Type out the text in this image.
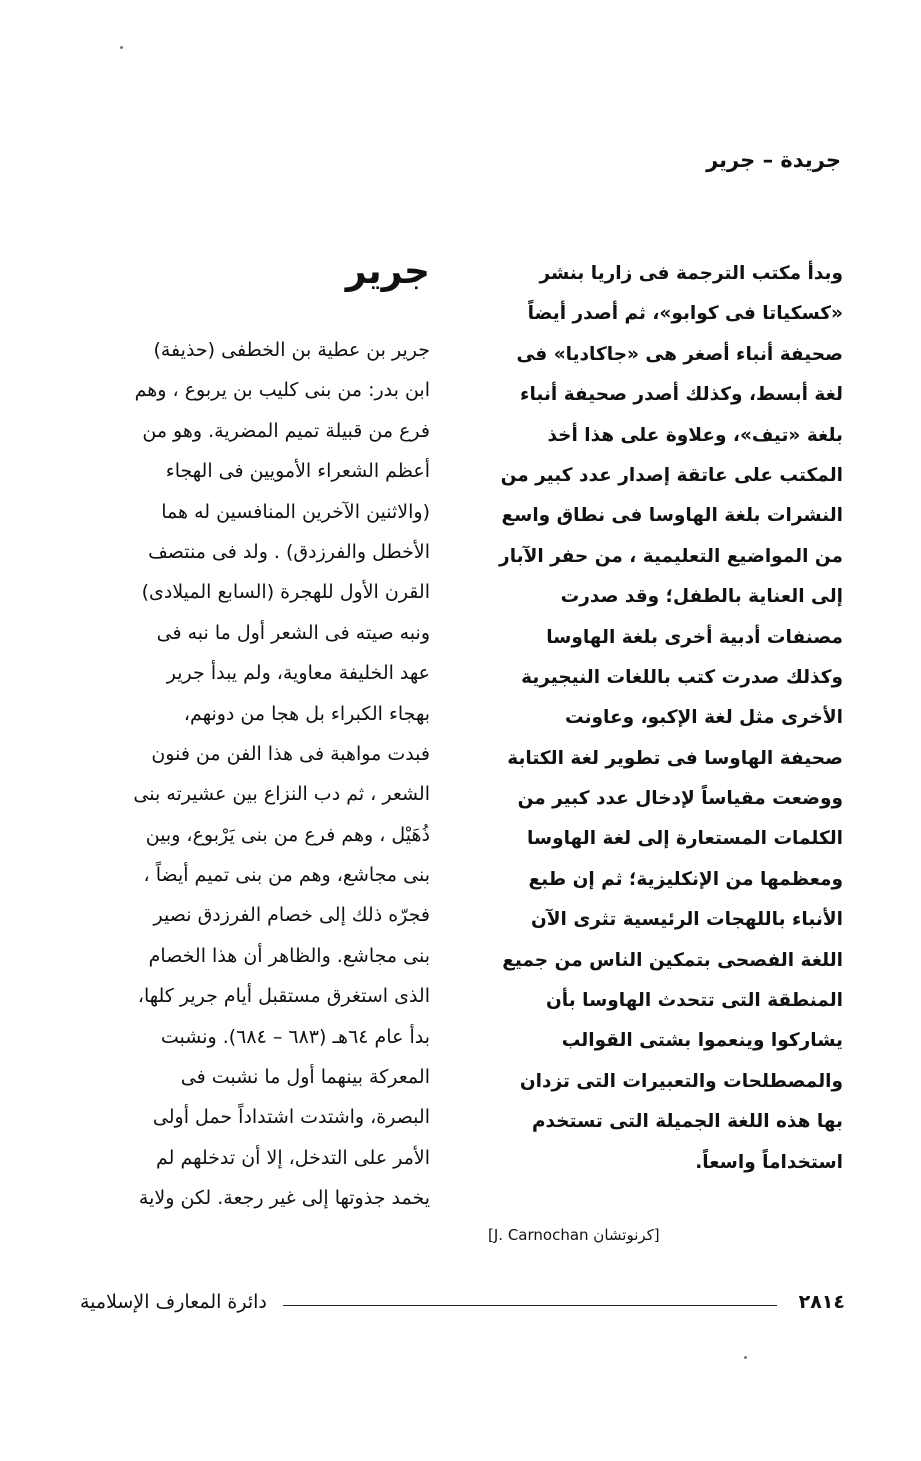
جريدة – جرير
وبدأ مكتب الترجمة فى زاريا بنشر
«كسكياتا فى كوابو»، ثم أصدر أيضاً
صحيفة أنباء أصغر هى «جاكاديا» فى
لغة أبسط، وكذلك أصدر صحيفة أنباء
بلغة «تيف»، وعلاوة على هذا أخذ
المكتب على عاتقة إصدار عدد كبير من
النشرات بلغة الهاوسا فى نطاق واسع
من المواضيع التعليمية ، من حفر الآبار
إلى العناية بالطفل؛ وقد صدرت
مصنفات أدبية أخرى بلغة الهاوسا
وكذلك صدرت كتب باللغات النيجيرية
الأخرى مثل لغة الإكبو، وعاونت
صحيفة الهاوسا فى تطوير لغة الكتابة
ووضعت مقياساً لإدخال عدد كبير من
الكلمات المستعارة إلى لغة الهاوسا
ومعظمها من الإنكليزية؛ ثم إن طبع
الأنباء باللهجات الرئيسية تثرى الآن
اللغة الفصحى بتمكين الناس من جميع
المنطقة التى تتحدث الهاوسا بأن
يشاركوا وينعموا بشتى القوالب
والمصطلحات والتعبيرات التى تزدان
بها هذه اللغة الجميلة التى تستخدم
استخداماً واسعاً.
[كرنوتشان J. Carnochan]
جرير
جرير بن عطية بن الخطفى (حذيفة)
ابن بدر: من بنى كليب بن يربوع ، وهم
فرع من قبيلة تميم المضرية. وهو من
أعظم الشعراء الأمويين فى الهجاء
(والاثنين الآخرين المنافسين له هما
الأخطل والفرزدق) . ولد فى منتصف
القرن الأول للهجرة (السابع الميلادى)
ونبه صيته فى الشعر أول ما نبه فى
عهد الخليفة معاوية، ولم يبدأ جرير
بهجاء الكبراء بل هجا من دونهم،
فبدت مواهبة فى هذا الفن من فنون
الشعر ، ثم دب النزاع بين عشيرته بنى
ذُهَيْل ، وهم فرع من بنى يَرْبوع، وبين
بنى مجاشع، وهم من بنى تميم أيضاً ،
فجرّه ذلك إلى خصام الفرزدق نصير
بنى مجاشع. والظاهر أن هذا الخصام
الذى استغرق مستقبل أيام جرير كلها،
بدأ عام ٦٤هـ (٦٨٣ – ٦٨٤). ونشبت
المعركة بينهما أول ما نشبت فى
البصرة، واشتدت اشتداداً حمل أولى
الأمر على التدخل، إلا أن تدخلهم لم
يخمد جذوتها إلى غير رجعة. لكن ولاية
٢٨١٤
دائرة المعارف الإسلامية
